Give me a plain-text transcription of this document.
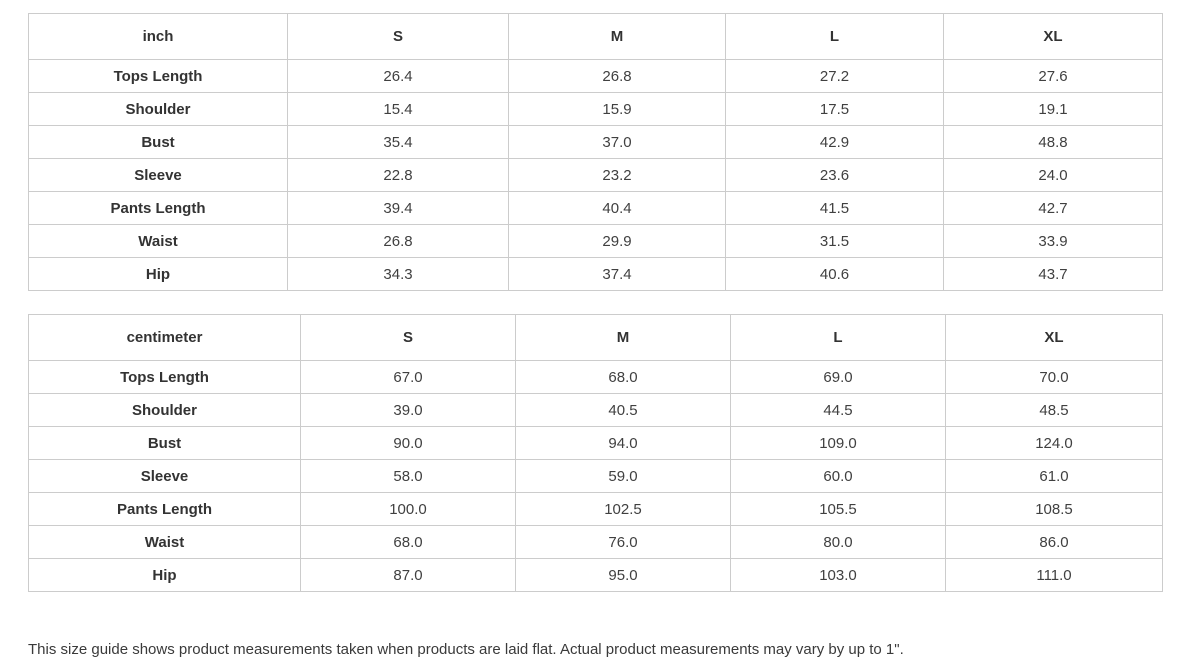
inch	S	M	L	XL
Tops Length	26.4	26.8	27.2	27.6
Shoulder	15.4	15.9	17.5	19.1
Bust	35.4	37.0	42.9	48.8
Sleeve	22.8	23.2	23.6	24.0
Pants Length	39.4	40.4	41.5	42.7
Waist	26.8	29.9	31.5	33.9
Hip	34.3	37.4	40.6	43.7
centimeter	S	M	L	XL
Tops Length	67.0	68.0	69.0	70.0
Shoulder	39.0	40.5	44.5	48.5
Bust	90.0	94.0	109.0	124.0
Sleeve	58.0	59.0	60.0	61.0
Pants Length	100.0	102.5	105.5	108.5
Waist	68.0	76.0	80.0	86.0
Hip	87.0	95.0	103.0	111.0
This size guide shows product measurements taken when products are laid flat. Actual product measurements may vary by up to 1".
